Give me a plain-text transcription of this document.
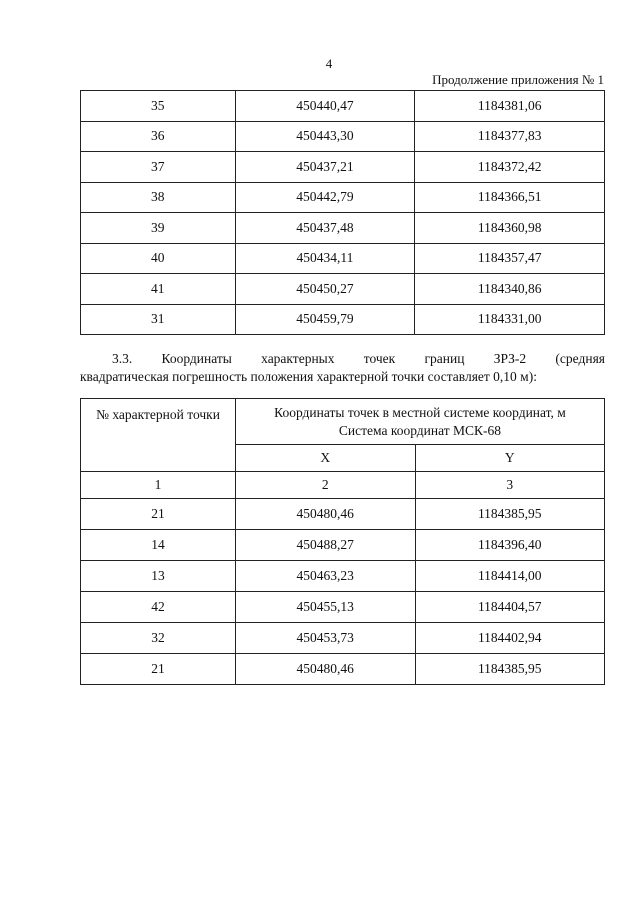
4
Продолжение приложения № 1
35	450440,47	1184381,06
36	450443,30	1184377,83
37	450437,21	1184372,42
38	450442,79	1184366,51
39	450437,48	1184360,98
40	450434,11	1184357,47
41	450450,27	1184340,86
31	450459,79	1184331,00

3.3. Координаты характерных точек границ ЗРЗ-2 (средняя
квадратическая погрешность положения характерной точки составляет 0,10 м):

№ характерной точки	Координаты точек в местной системе координат, м
Система координат МСК-68	
	X	Y
1	2	3
21	450480,46	1184385,95
14	450488,27	1184396,40
13	450463,23	1184414,00
42	450455,13	1184404,57
32	450453,73	1184402,94
21	450480,46	1184385,95
